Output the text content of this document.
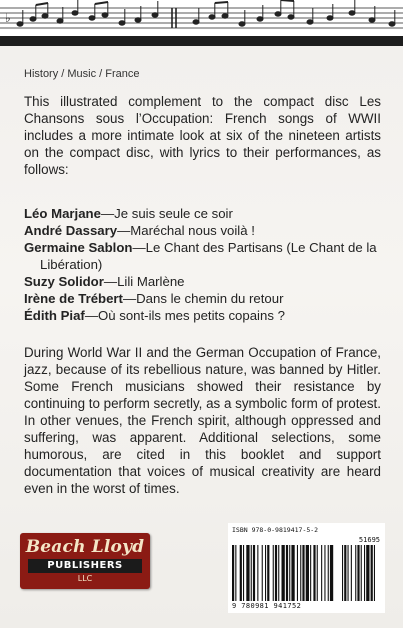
♭
History / Music / France

This illustrated complement to the compact disc Les Chansons sous l’Occupation: French songs of WWII includes a more intimate look at six of the nineteen artists on the compact disc, with lyrics to their performances, as follows:

Léo Marjane—Je suis seule ce soir
André Dassary—Maréchal nous voilà !
Germaine Sablon—Le Chant des Partisans (Le Chant de la Libération)
Suzy Solidor—Lili Marlène
Irène de Trébert—Dans le chemin du retour
Édith Piaf—Où sont-ils mes petits copains ?

During World War II and the German Occupation of France, jazz, because of its rebellious nature, was banned by Hitler. Some French musicians showed their resistance by continuing to perform secretly, as a symbolic form of protest. In other venues, the French spirit, although oppressed and suffering, was apparent. Additional selections, some humorous, are cited in this booklet and support documentation that voices of musical creativity are heard even in the worst of times.

Beach Lloyd
PUBLISHERS
LLC
ISBN 978-0-9819417-5-2
51695
9 780981 941752
